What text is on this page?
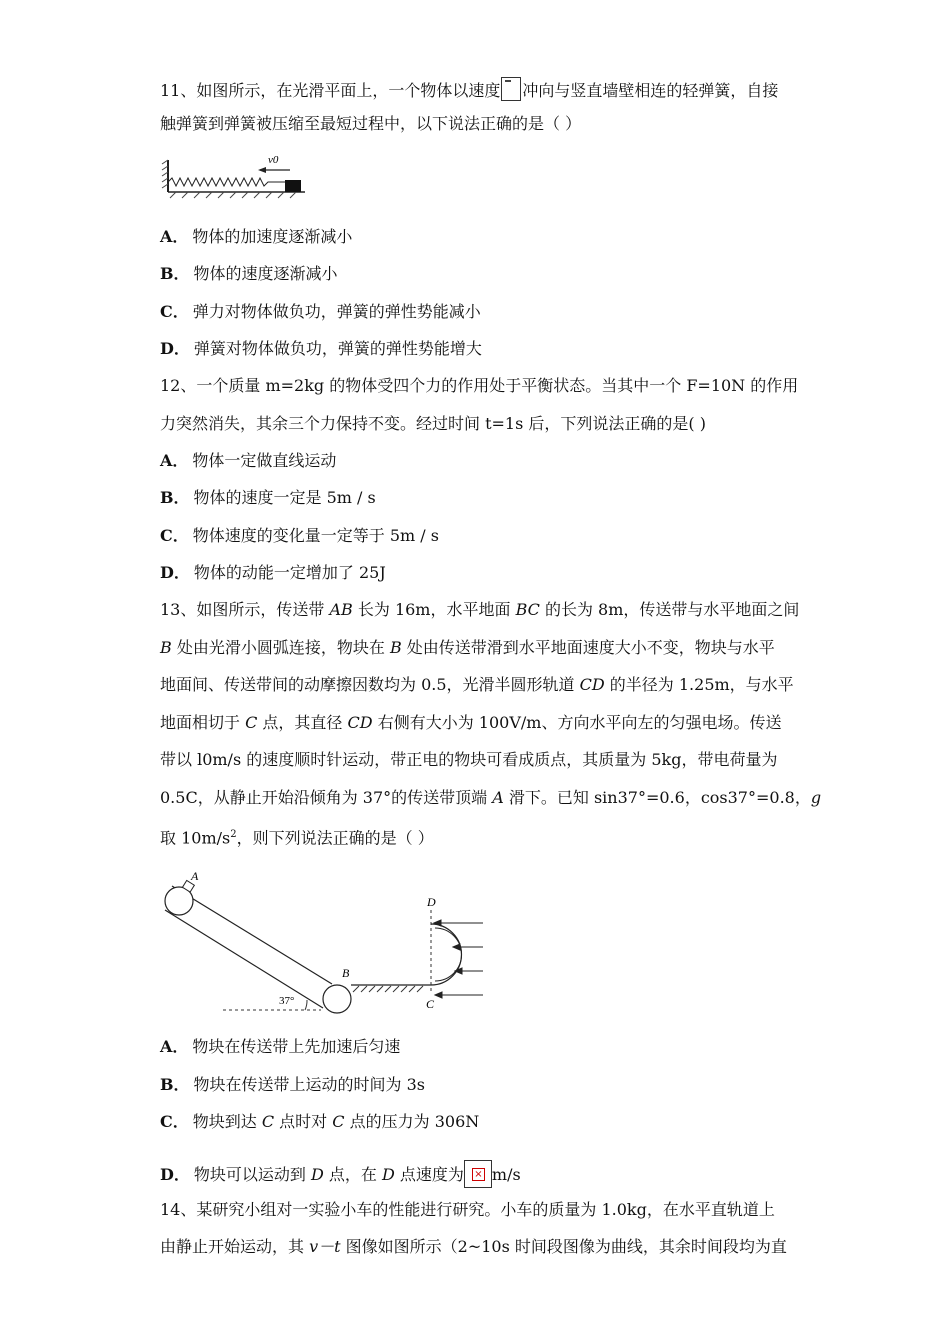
11、如图所示，在光滑平面上，一个物体以速度 冲向与竖直墙壁相连的轻弹簧，自接
触弹簧到弹簧被压缩至最短过程中，以下说法正确的是（ ）
v0
A． 物体的加速度逐渐减小
B． 物体的速度逐渐减小
C． 弹力对物体做负功，弹簧的弹性势能减小
D． 弹簧对物体做负功，弹簧的弹性势能增大
12、一个质量 m=2kg 的物体受四个力的作用处于平衡状态。当其中一个 F=10N 的作用
力突然消失，其余三个力保持不变。经过时间 t=1s 后，下列说法正确的是( )
A． 物体一定做直线运动
B． 物体的速度一定是 5m / s
C． 物体速度的变化量一定等于 5m / s
D． 物体的动能一定增加了 25J
13、如图所示，传送带 AB 长为 16m，水平地面 BC 的长为 8m，传送带与水平地面之间
B 处由光滑小圆弧连接，物块在 B 处由传送带滑到水平地面速度大小不变，物块与水平
地面间、传送带间的动摩擦因数均为 0.5，光滑半圆形轨道 CD 的半径为 1.25m，与水平
地面相切于 C 点，其直径 CD 右侧有大小为 100V/m、方向水平向左的匀强电场。传送
带以 l0m/s 的速度顺时针运动，带正电的物块可看成质点，其质量为 5kg，带电荷量为
0.5C，从静止开始沿倾角为 37°的传送带顶端 A 滑下。已知 sin37°=0.6，cos37°=0.8，g
取 $10m/s^2$，则下列说法正确的是（ ）
A
37°
B
D
C
A． 物块在传送带上先加速后匀速
B． 物块在传送带上运动的时间为 3s
C． 物块到达 C 点时对 C 点的压力为 306N
D． 物块可以运动到 D 点，在 D 点速度为 × m/s
14、某研究小组对一实验小车的性能进行研究。小车的质量为 1.0kg，在水平直轨道上
由静止开始运动，其 v－t 图像如图所示（2~10s 时间段图像为曲线，其余时间段均为直
